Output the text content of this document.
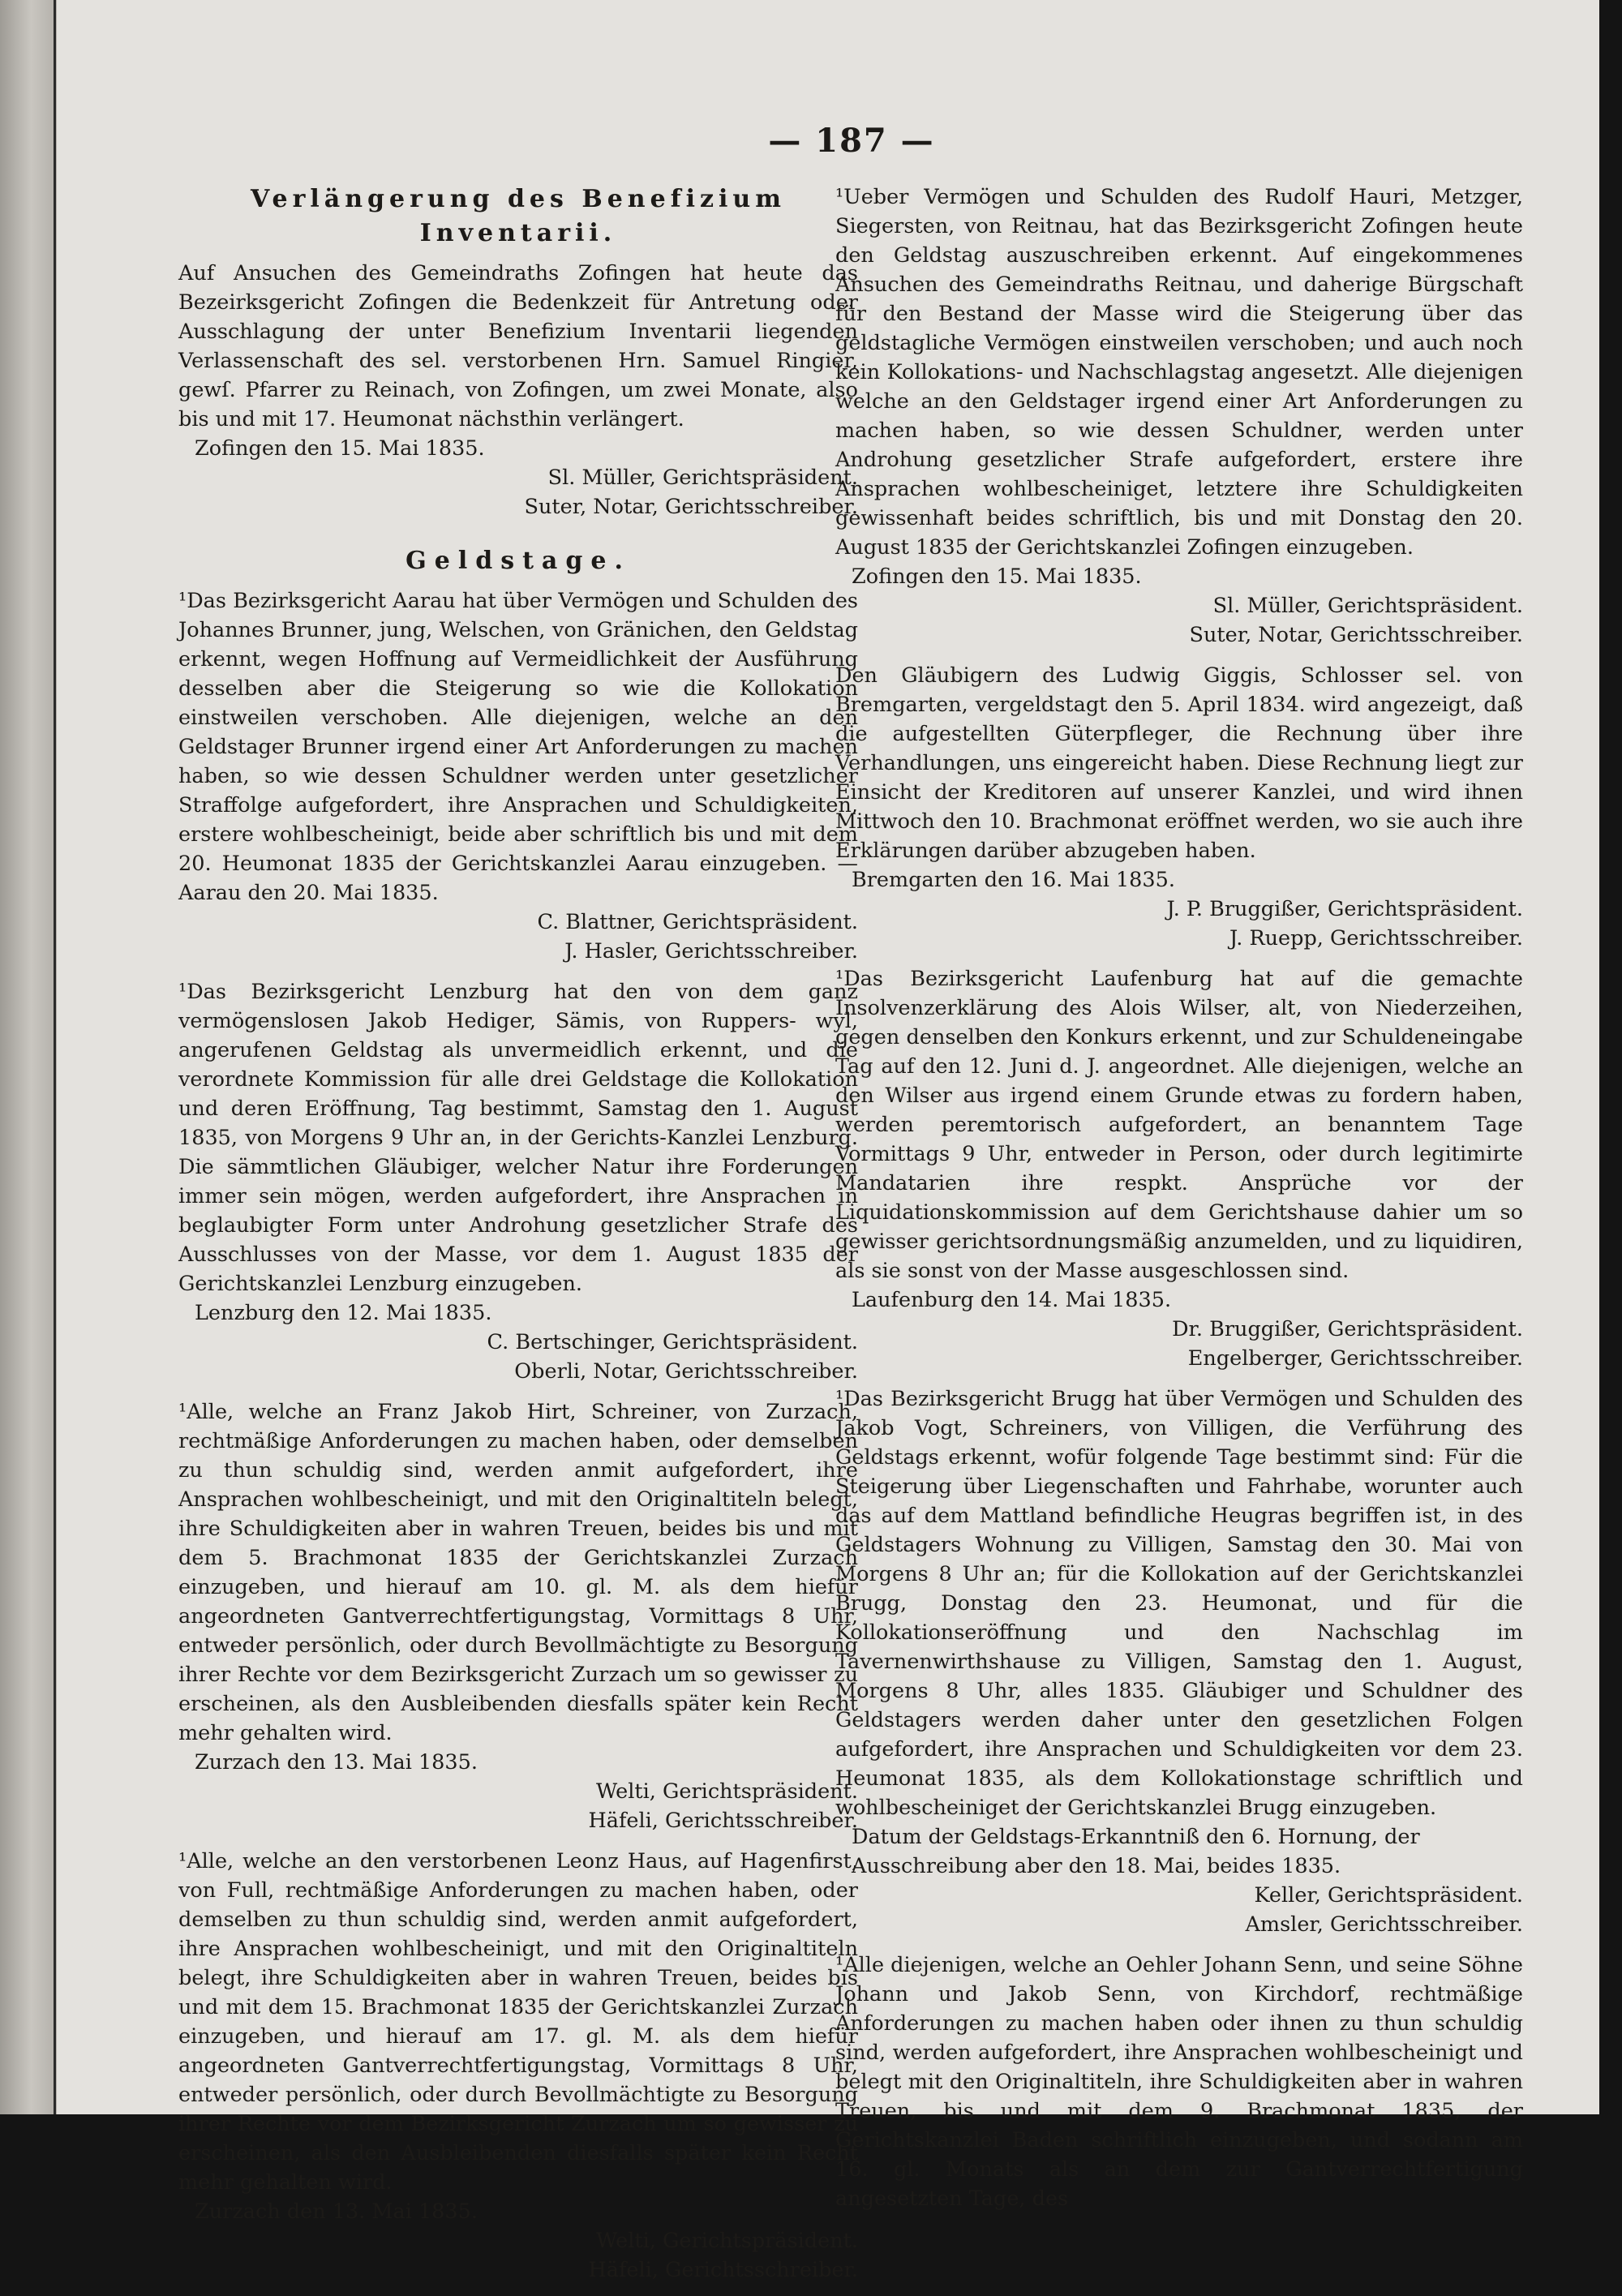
— 187 —
Verlängerung des Benefizium Inventarii.

Auf Ansuchen des Gemeindraths Zofingen hat heute das Bezeirksgericht Zofingen die Bedenkzeit für Antretung oder Ausschlagung der unter Benefizium Inventarii liegenden Verlassenschaft des sel. verstorbenen Hrn. Samuel Ringier, gewſ. Pfarrer zu Reinach, von Zofingen, um zwei Monate, also bis und mit 17. Heumonat nächsthin verlängert.

Zofingen den 15. Mai 1835.
Sl. Müller, Gerichtspräsident.
Suter, Notar, Gerichtsschreiber.
Geldstage.

¹Das Bezirksgericht Aarau hat über Vermögen und Schulden des Johannes Brunner, jung, Welschen, von Gränichen, den Geldstag erkennt, wegen Hoffnung auf Vermeidlichkeit der Ausführung desselben aber die Steigerung so wie die Kollokation einstweilen verschoben. Alle diejenigen, welche an den Geldstager Brunner irgend einer Art Anforderungen zu machen haben, so wie dessen Schuldner werden unter gesetzlicher Straffolge aufgefordert, ihre Ansprachen und Schuldigkeiten, erstere wohlbescheinigt, beide aber schriftlich bis und mit dem 20. Heumonat 1835 der Gerichtskanzlei Aarau einzugeben. — Aarau den 20. Mai 1835.

C. Blattner, Gerichtspräsident.
J. Hasler, Gerichtsschreiber.

¹Das Bezirksgericht Lenzburg hat den von dem ganz vermögenslosen Jakob Hediger, Sämis, von Ruppers- wyl, angerufenen Geldstag als unvermeidlich erkennt, und die verordnete Kommission für alle drei Geldstage die Kollokation und deren Eröffnung, Tag bestimmt, Samstag den 1. August 1835, von Morgens 9 Uhr an, in der Gerichts-Kanzlei Lenzburg. Die sämmtlichen Gläubiger, welcher Natur ihre Forderungen immer sein mögen, werden aufgefordert, ihre Ansprachen in beglaubigter Form unter Androhung gesetzlicher Strafe des Ausschlusses von der Masse, vor dem 1. August 1835 der Gerichtskanzlei Lenzburg einzugeben.

Lenzburg den 12. Mai 1835.
C. Bertschinger, Gerichtspräsident.
Oberli, Notar, Gerichtsschreiber.

¹Alle, welche an Franz Jakob Hirt, Schreiner, von Zurzach, rechtmäßige Anforderungen zu machen haben, oder demselben zu thun schuldig sind, werden anmit aufgefordert, ihre Ansprachen wohlbescheinigt, und mit den Originaltiteln belegt, ihre Schuldigkeiten aber in wahren Treuen, beides bis und mit dem 5. Brachmonat 1835 der Gerichtskanzlei Zurzach einzugeben, und hierauf am 10. gl. M. als dem hiefür angeordneten Gantverrechtfertigungstag, Vormittags 8 Uhr, entweder persönlich, oder durch Bevollmächtigte zu Besorgung ihrer Rechte vor dem Bezirksgericht Zurzach um so gewisser zu erscheinen, als den Ausbleibenden diesfalls später kein Recht mehr gehalten wird.

Zurzach den 13. Mai 1835.
Welti, Gerichtspräsident.
Häfeli, Gerichtsschreiber.

¹Alle, welche an den verstorbenen Leonz Haus, auf Hagenfirst, von Full, rechtmäßige Anforderungen zu machen haben, oder demselben zu thun schuldig sind, werden anmit aufgefordert, ihre Ansprachen wohlbescheinigt, und mit den Originaltiteln belegt, ihre Schuldigkeiten aber in wahren Treuen, beides bis und mit dem 15. Brachmonat 1835 der Gerichtskanzlei Zurzach einzugeben, und hierauf am 17. gl. M. als dem hiefür angeordneten Gantverrechtfertigungstag, Vormittags 8 Uhr, entweder persönlich, oder durch Bevollmächtigte zu Besorgung ihrer Rechte vor dem Bezirksgericht Zurzach um so gewisser zu erscheinen, als den Ausbleibenden diesfalls später kein Recht mehr gehalten wird.

Zurzach den 13. Mai 1835.
Welti, Gerichtspräsident.
Häfeli, Gerichtsschreiber.

¹Ueber Vermögen und Schulden des Rudolf Hauri, Metzger, Siegersten, von Reitnau, hat das Bezirksgericht Zofingen heute den Geldstag auszuschreiben erkennt. Auf eingekommenes Ansuchen des Gemeindraths Reitnau, und daherige Bürgschaft für den Bestand der Masse wird die Steigerung über das geldstagliche Vermögen einstweilen verschoben; und auch noch kein Kollokations- und Nachschlagstag angesetzt. Alle diejenigen welche an den Geldstager irgend einer Art Anforderungen zu machen haben, so wie dessen Schuldner, werden unter Androhung gesetzlicher Strafe aufgefordert, erstere ihre Ansprachen wohlbescheiniget, letztere ihre Schuldigkeiten gewissenhaft beides schriftlich, bis und mit Donstag den 20. August 1835 der Gerichtskanzlei Zofingen einzugeben.

Zofingen den 15. Mai 1835.
Sl. Müller, Gerichtspräsident.
Suter, Notar, Gerichtsschreiber.

Den Gläubigern des Ludwig Giggis, Schlosser sel. von Bremgarten, vergeldstagt den 5. April 1834. wird angezeigt, daß die aufgestellten Güterpfleger, die Rechnung über ihre Verhandlungen, uns eingereicht haben. Diese Rechnung liegt zur Einsicht der Kreditoren auf unserer Kanzlei, und wird ihnen Mittwoch den 10. Brachmonat eröffnet werden, wo sie auch ihre Erklärungen darüber abzugeben haben.

Bremgarten den 16. Mai 1835.
J. P. Bruggißer, Gerichtspräsident.
J. Ruepp, Gerichtsschreiber.

¹Das Bezirksgericht Laufenburg hat auf die gemachte Insolvenzerklärung des Alois Wilser, alt, von Niederzeihen, gegen denselben den Konkurs erkennt, und zur Schuldeneingabe Tag auf den 12. Juni d. J. angeordnet. Alle diejenigen, welche an den Wilser aus irgend einem Grunde etwas zu fordern haben, werden peremtorisch aufgefordert, an benanntem Tage Vormittags 9 Uhr, entweder in Person, oder durch legitimirte Mandatarien ihre respkt. Ansprüche vor der Liquidationskommission auf dem Gerichtshause dahier um so gewisser gerichtsordnungsmäßig anzumelden, und zu liquidiren, als sie sonst von der Masse ausgeschlossen sind.

Laufenburg den 14. Mai 1835.
Dr. Bruggißer, Gerichtspräsident.
Engelberger, Gerichtsschreiber.

¹Das Bezirksgericht Brugg hat über Vermögen und Schulden des Jakob Vogt, Schreiners, von Villigen, die Verführung des Geldstags erkennt, wofür folgende Tage bestimmt sind: Für die Steigerung über Liegenschaften und Fahrhabe, worunter auch das auf dem Mattland befindliche Heugras begriffen ist, in des Geldstagers Wohnung zu Villigen, Samstag den 30. Mai von Morgens 8 Uhr an; für die Kollokation auf der Gerichtskanzlei Brugg, Donstag den 23. Heumonat, und für die Kollokationseröffnung und den Nachschlag im Tavernenwirthshause zu Villigen, Samstag den 1. August, Morgens 8 Uhr, alles 1835. Gläubiger und Schuldner des Geldstagers werden daher unter den gesetzlichen Folgen aufgefordert, ihre Ansprachen und Schuldigkeiten vor dem 23. Heumonat 1835, als dem Kollokationstage schriftlich und wohlbescheiniget der Gerichtskanzlei Brugg einzugeben.

Datum der Geldstags-Erkanntniß den 6. Hornung, der Ausschreibung aber den 18. Mai, beides 1835.
Keller, Gerichtspräsident.
Amsler, Gerichtsschreiber.

¹Alle diejenigen, welche an Oehler Johann Senn, und seine Söhne Johann und Jakob Senn, von Kirchdorf, rechtmäßige Anforderungen zu machen haben oder ihnen zu thun schuldig sind, werden aufgefordert, ihre Ansprachen wohlbescheinigt und belegt mit den Originaltiteln, ihre Schuldigkeiten aber in wahren Treuen, bis und mit dem 9. Brachmonat 1835, der Gerichtskanzlei Baden schriftlich einzugeben, und sodann am 16. gl. Monats als an dem zur Gantverrechtfertigung angesetzten Tage, des
